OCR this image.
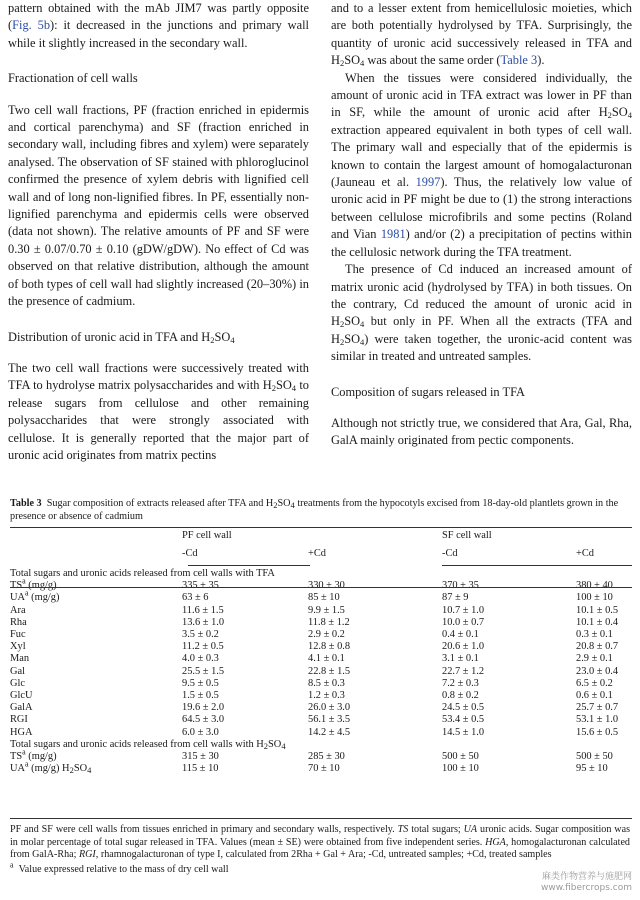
pattern obtained with the mAb JIM7 was partly opposite (Fig. 5b): it decreased in the junctions and primary wall while it slightly increased in the secondary wall.

Fractionation of cell walls

Two cell wall fractions, PF (fraction enriched in epidermis and cortical parenchyma) and SF (fraction enriched in secondary wall, including fibres and xylem) were separately analysed. The observation of SF stained with phloroglucinol confirmed the presence of xylem debris with lignified cell wall and of long non-lignified fibres. In PF, essentially non-lignified parenchyma and epidermis cells were observed (data not shown). The relative amounts of PF and SF were 0.30 ± 0.07/0.70 ± 0.10 (gDW/gDW). No effect of Cd was observed on that relative distribution, although the amount of both types of cell wall had slightly increased (20–30%) in the presence of cadmium.

Distribution of uronic acid in TFA and $H_2SO_4$

The two cell wall fractions were successively treated with TFA to hydrolyse matrix polysaccharides and with $H_2SO_4$ to release sugars from cellulose and other remaining polysaccharides that were strongly associated with cellulose. It is generally reported that the major part of uronic acid originates from matrix pectins

and to a lesser extent from hemicellulosic moieties, which are both potentially hydrolysed by TFA. Surprisingly, the quantity of uronic acid successively released in TFA and $H_2SO_4$ was about the same order (Table 3).

When the tissues were considered individually, the amount of uronic acid in TFA extract was lower in PF than in SF, while the amount of uronic acid after $H_2SO_4$ extraction appeared equivalent in both types of cell wall. The primary wall and especially that of the epidermis is known to contain the largest amount of homogalacturonan (Jauneau et al. 1997). Thus, the relatively low value of uronic acid in PF might be due to (1) the strong interactions between cellulose microfibrils and some pectins (Roland and Vian 1981) and/or (2) a precipitation of pectins within the cellulosic network during the TFA treatment.

The presence of Cd induced an increased amount of matrix uronic acid (hydrolysed by TFA) in both tissues. On the contrary, Cd reduced the amount of uronic acid in $H_2SO_4$ but only in PF. When all the extracts (TFA and $H_2SO_4$) were taken together, the uronic-acid content was similar in treated and untreated samples.

Composition of sugars released in TFA

Although not strictly true, we considered that Ara, Gal, Rha, GalA mainly originated from pectic components.

Table 3 Sugar composition of extracts released after TFA and $H_2SO_4$ treatments from the hypocotyls excised from 18-day-old plantlets grown in the presence or absence of cadmium
	PF cell wall		SF cell wall	
	-Cd	+Cd	-Cd	+Cd
Total sugars and uronic acids released from cell walls with TFA				
$TS^a$ (mg/g)	335 ± 35	330 ± 30	370 ± 35	380 ± 40
$UA^a$ (mg/g)	63 ± 6	85 ± 10	87 ± 9	100 ± 10
Ara	11.6 ± 1.5	9.9 ± 1.5	10.7 ± 1.0	10.1 ± 0.5
Rha	13.6 ± 1.0	11.8 ± 1.2	10.0 ± 0.7	10.1 ± 0.4
Fuc	3.5 ± 0.2	2.9 ± 0.2	0.4 ± 0.1	0.3 ± 0.1
Xyl	11.2 ± 0.5	12.8 ± 0.8	20.6 ± 1.0	20.8 ± 0.7
Man	4.0 ± 0.3	4.1 ± 0.1	3.1 ± 0.1	2.9 ± 0.1
Gal	25.5 ± 1.5	22.8 ± 1.5	22.7 ± 1.2	23.0 ± 0.4
Glc	9.5 ± 0.5	8.5 ± 0.3	7.2 ± 0.3	6.5 ± 0.2
GlcU	1.5 ± 0.5	1.2 ± 0.3	0.8 ± 0.2	0.6 ± 0.1
GalA	19.6 ± 2.0	26.0 ± 3.0	24.5 ± 0.5	25.7 ± 0.7
RGI	64.5 ± 3.0	56.1 ± 3.5	53.4 ± 0.5	53.1 ± 1.0
HGA	6.0 ± 3.0	14.2 ± 4.5	14.5 ± 1.0	15.6 ± 0.5
Total sugars and uronic acids released from cell walls with $H_2SO_4$
$TS^a$ (mg/g)	315 ± 30	285 ± 30	500 ± 50	500 ± 50
$UA^a$ (mg/g) $H_2SO_4$	115 ± 10	70 ± 10	100 ± 10	95 ± 10

PF and SF were cell walls from tissues enriched in primary and secondary walls, respectively. TS total sugars; UA uronic acids. Sugar composition was in molar percentage of total sugar released in TFA. Values (mean ± SE) were obtained from five independent series. HGA, homogalacturonan calculated from GalA-Rha; RGI, rhamnogalacturonan of type I, calculated from 2Rha + Gal + Ara; -Cd, untreated samples; +Cd, treated samples

$^a$ Value expressed relative to the mass of dry cell wall

麻类作物营养与施肥网
www.fibercrops.com
